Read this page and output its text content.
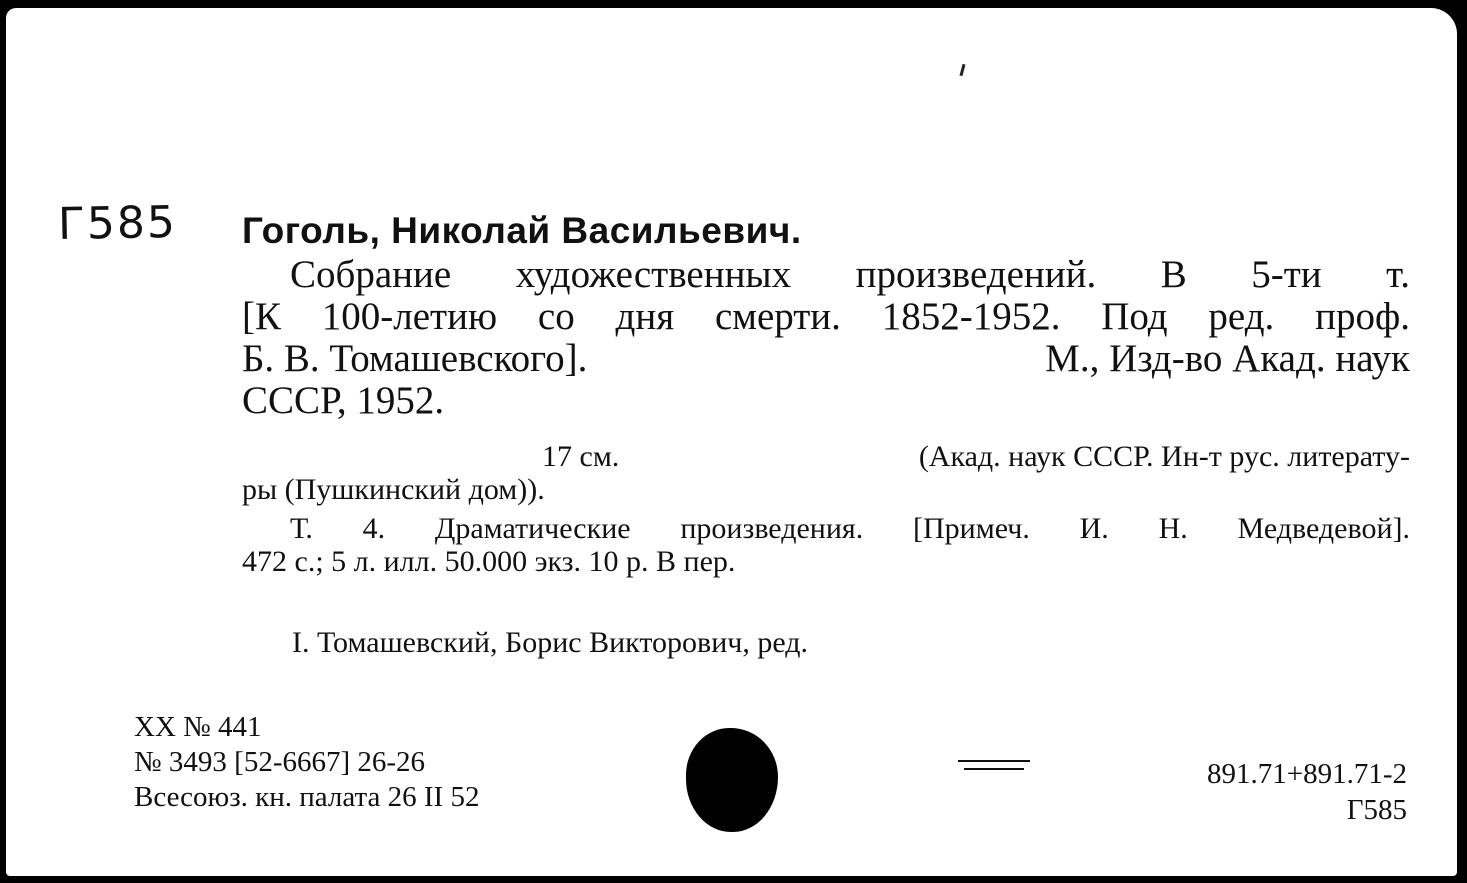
Г585 Гоголь, Николай Васильевич.
Собрание художественных произведений. В 5-ти т.
[К 100-летию со дня смерти. 1852-1952. Под ред. проф.
Б. В. Томашевского].	М., Изд-во Акад. наук
СССР, 1952.
17 см.	(Акад. наук СССР. Ин-т рус. литерату-
ры (Пушкинский дом)).
Т. 4. Драматические произведения. [Примеч. И. Н. Медведевой].
472 с.; 5 л. илл. 50.000 экз. 10 р. В пер.
I. Томашевский, Борис Викторович, ред.
XX № 441
№ 3493 [52-6667] 26-26
Всесоюз. кн. палата 26 II 52
891.71+891.71-2
Г585
